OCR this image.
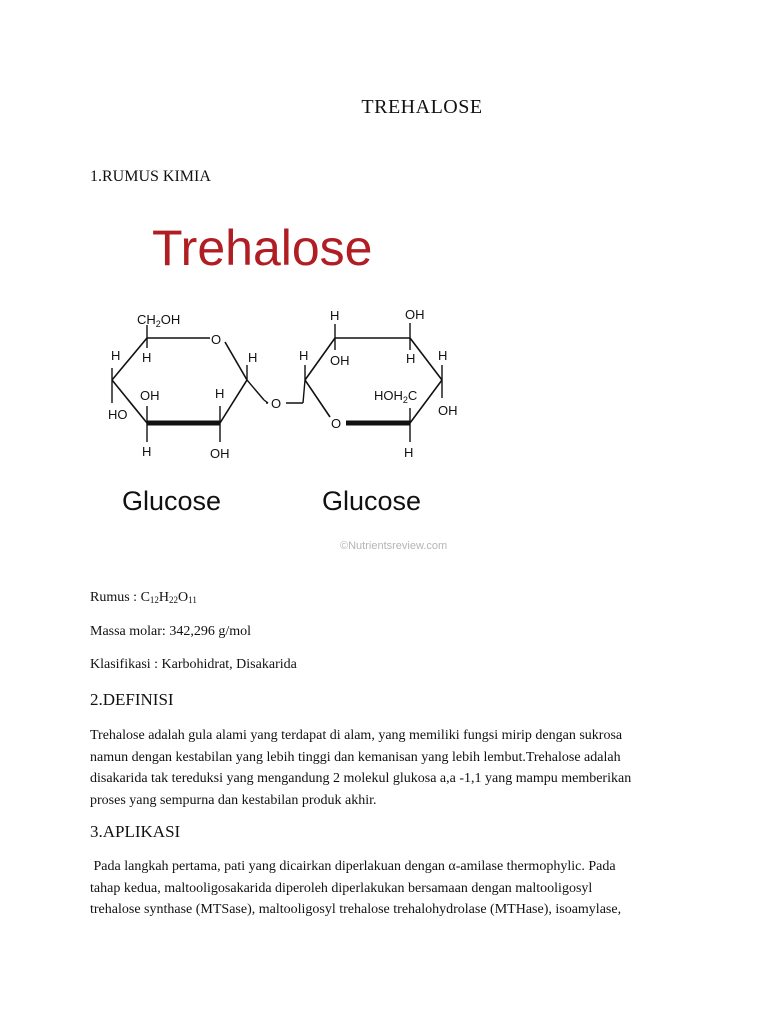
TREHALOSE
1.RUMUS KIMIA
Trehalose
$CH_2OH$
O
H
H	H
HO
OH	H
H	OH
O
H
H
OH
OH
H H
OH
$HOH_2C$
O
H
Glucose	Glucose
©Nutrientsreview.com
Rumus : $C_{12}H_{22}O_{11}$
Massa molar: 342,296 g/mol
Klasifikasi : Karbohidrat, Disakarida
2.DEFINISI
Trehalose adalah gula alami yang terdapat di alam, yang memiliki fungsi mirip dengan sukrosa
namun dengan kestabilan yang lebih tinggi dan kemanisan yang lebih lembut.Trehalose adalah
disakarida tak tereduksi yang mengandung 2 molekul glukosa a,a -1,1 yang mampu memberikan
proses yang sempurna dan kestabilan produk akhir.
3.APLIKASI
Pada langkah pertama, pati yang dicairkan diperlakuan dengan α-amilase thermophylic. Pada
tahap kedua, maltooligosakarida diperoleh diperlakukan bersamaan dengan maltooligosyl
trehalose synthase (MTSase), maltooligosyl trehalose trehalohydrolase (MTHase), isoamylase,
